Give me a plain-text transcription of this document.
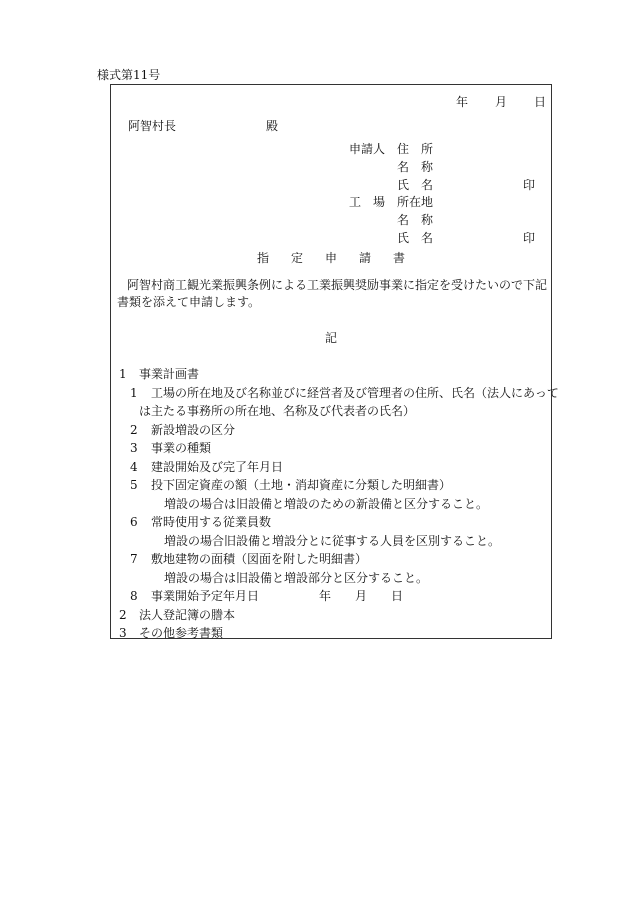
様式第11号
年 月 日
阿智村長	殿
申請人 住　所
名　称
氏　名	印
工　場 所在地
名　称
氏　名	印
指 定 申 請 書
阿智村商工観光業振興条例による工業振興奨励事業に指定を受けたいので下記書類を添えて申請します。
記
1 事業計画書
1 工場の所在地及び名称並びに経営者及び管理者の住所、氏名（法人にあって
は主たる事務所の所在地、名称及び代表者の氏名）
2 新設増設の区分
3 事業の種類
4 建設開始及び完了年月日
5 投下固定資産の額（土地・消却資産に分類した明細書）
増設の場合は旧設備と増設のための新設備と区分すること。
6 常時使用する従業員数
増設の場合旧設備と増設分とに従事する人員を区別すること。
7 敷地建物の面積（図面を附した明細書）
増設の場合は旧設備と増設部分と区分すること。
8 事業開始予定年月日　　　　　年　　月　　日
2 法人登記簿の謄本
3 その他参考書類
